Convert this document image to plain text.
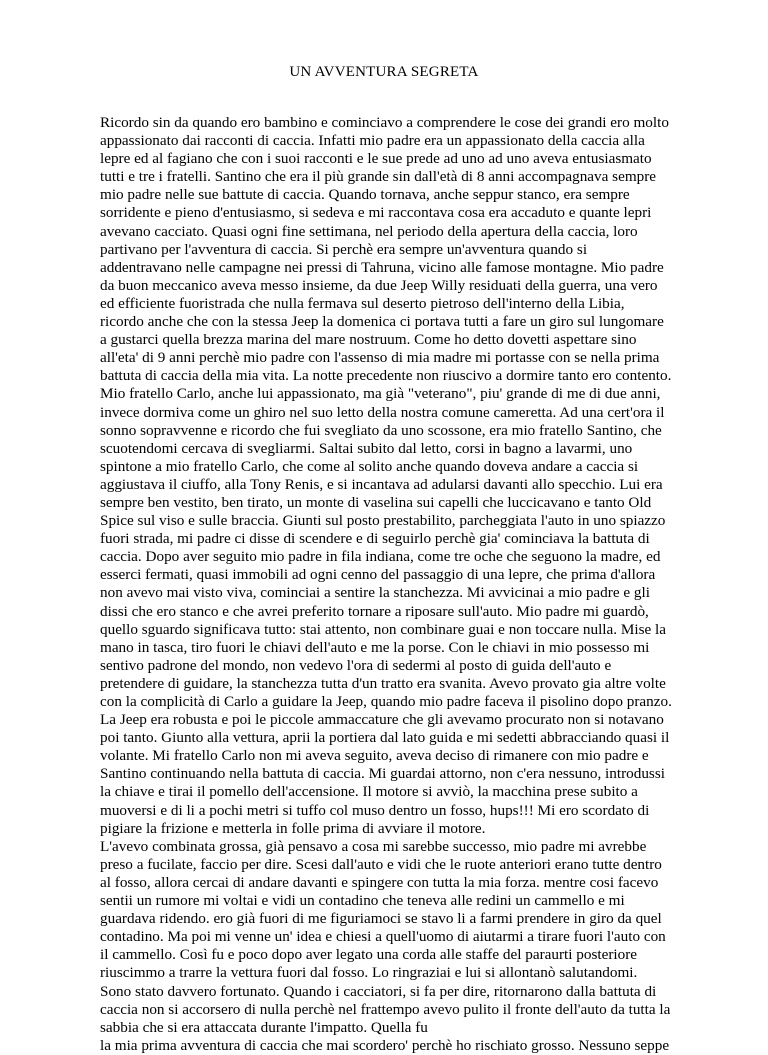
UN AVVENTURA SEGRETA

Ricordo sin da quando ero bambino e cominciavo a comprendere le cose dei grandi ero molto appassionato dai racconti di caccia. Infatti mio padre era un appassionato della caccia alla lepre ed al fagiano che con i suoi racconti e le sue prede ad uno ad uno aveva entusiasmato tutti e tre i fratelli. Santino che era il più grande sin dall'età di 8 anni accompagnava sempre mio padre nelle sue battute di caccia. Quando tornava, anche seppur stanco, era sempre sorridente e pieno d'entusiasmo, si sedeva e mi raccontava cosa era accaduto e quante lepri avevano cacciato. Quasi ogni fine settimana, nel periodo della apertura della caccia, loro partivano per l'avventura di caccia. Si perchè era sempre un'avventura quando si addentravano nelle campagne nei pressi di Tahruna, vicino alle famose montagne. Mio padre da buon meccanico aveva messo insieme, da due Jeep Willy residuati della guerra, una vero ed efficiente fuoristrada che nulla fermava sul deserto pietroso dell'interno della Libia, ricordo anche che con la stessa Jeep la domenica ci portava tutti a fare un giro sul lungomare a gustarci quella brezza marina del mare nostruum. Come ho detto dovetti aspettare sino all'eta' di 9 anni perchè mio padre con l'assenso di mia madre mi portasse con se nella prima battuta di caccia della mia vita. La notte precedente non riuscivo a dormire tanto ero contento. Mio fratello Carlo, anche lui appassionato, ma già "veterano", piu' grande di me di due anni, invece dormiva come un ghiro nel suo letto della nostra comune cameretta. Ad una cert'ora il sonno sopravvenne e ricordo che fui svegliato da uno scossone, era mio fratello Santino, che scuotendomi cercava di svegliarmi. Saltai subito dal letto, corsi in bagno a lavarmi, uno spintone a mio fratello Carlo, che come al solito anche quando doveva andare a caccia si aggiustava il ciuffo, alla Tony Renis, e si incantava ad adularsi davanti allo specchio. Lui era sempre ben vestito, ben tirato, un monte di vaselina sui capelli che luccicavano e tanto Old Spice sul viso e sulle braccia. Giunti sul posto prestabilito, parcheggiata l'auto in uno spiazzo fuori strada, mi padre ci disse di scendere e di seguirlo perchè gia' cominciava la battuta di caccia. Dopo aver seguito mio padre in fila indiana, come tre oche che seguono la madre, ed esserci fermati, quasi immobili ad ogni cenno del passaggio di una lepre, che prima d'allora non avevo mai visto viva, cominciai a sentire la stanchezza. Mi avvicinai a mio padre e gli dissi che ero stanco e che avrei preferito tornare a riposare sull'auto. Mio padre mi guardò, quello sguardo significava tutto: stai attento, non combinare guai e non toccare nulla. Mise la mano in tasca, tiro fuori le chiavi dell'auto e me la porse. Con le chiavi in mio possesso mi sentivo padrone del mondo, non vedevo l'ora di sedermi al posto di guida dell'auto e pretendere di guidare, la stanchezza tutta d'un tratto era svanita. Avevo provato gia altre volte con la complicità di Carlo a guidare la Jeep, quando mio padre faceva il pisolino dopo pranzo. La Jeep era robusta e poi le piccole ammaccature che gli avevamo procurato non si notavano poi tanto. Giunto alla vettura, aprii la portiera dal lato guida e mi sedetti abbracciando quasi il volante. Mi fratello Carlo non mi aveva seguito, aveva deciso di rimanere con mio padre e Santino continuando nella battuta di caccia. Mi guardai attorno, non c'era nessuno, introdussi la chiave e tirai il pomello dell'accensione. Il motore si avviò, la macchina prese subito a muoversi e di li a pochi metri si tuffo col muso dentro un fosso, hups!!! Mi ero scordato di pigiare la frizione e metterla in folle prima di avviare il motore.

L'avevo combinata grossa, già pensavo a cosa mi sarebbe successo, mio padre mi avrebbe preso a fucilate, faccio per dire. Scesi dall'auto e vidi che le ruote anteriori erano tutte dentro al fosso, allora cercai di andare davanti e spingere con tutta la mia forza. mentre cosi facevo sentii un rumore mi voltai e vidi un contadino che teneva alle redini un cammello e mi guardava ridendo. ero già fuori di me figuriamoci se stavo li a farmi prendere in giro da quel contadino. Ma poi mi venne un' idea e chiesi a quell'uomo di aiutarmi a tirare fuori l'auto con il cammello. Così fu e poco dopo aver legato una corda alle staffe del paraurti posteriore riuscimmo a trarre la vettura fuori dal fosso. Lo ringraziai e lui si allontanò salutandomi. Sono stato davvero fortunato. Quando i cacciatori, si fa per dire, ritornarono dalla battuta di caccia non si accorsero di nulla perchè nel frattempo avevo pulito il fronte dell'auto da tutta la sabbia che si era attaccata durante l'impatto. Quella fu

la mia prima avventura di caccia che mai scordero' perchè ho rischiato grosso. Nessuno seppe
